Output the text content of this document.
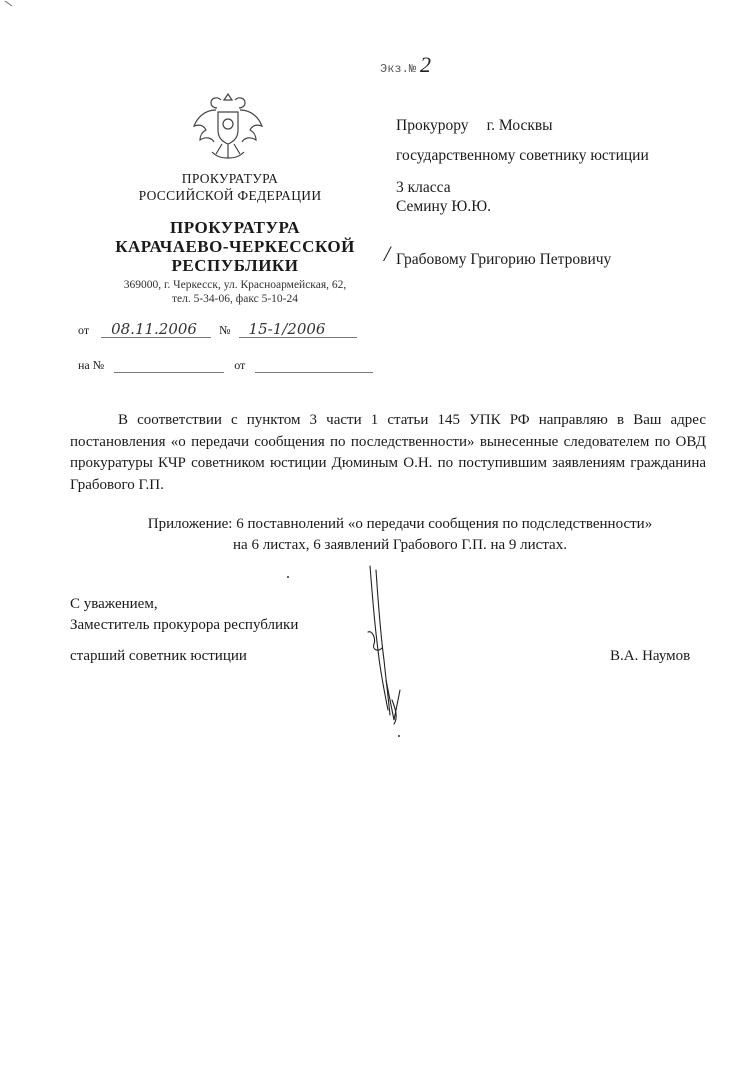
Экз.№ 2
ПРОКУРАТУРА
РОССИЙСКОЙ ФЕДЕРАЦИИ
ПРОКУРАТУРА
КАРАЧАЕВО-ЧЕРКЕССКОЙ
РЕСПУБЛИКИ
369000, г. Черкесск, ул. Красноармейская, 62,
тел. 5-34-06, факс 5-10-24
от	08.11.2006	№	15-1/2006
на №	от
Прокурору г. Москвы
государственному советнику юстиции
3 класса
Семину Ю.Ю.
/ Грабовому Григорию Петровичу
В соответствии с пунктом 3 части 1 статьи 145 УПК РФ направляю в Ваш адрес постановления «о передачи сообщения по последственности» вынесенные следователем по ОВД прокуратуры КЧР советником юстиции Дюминым О.Н. по поступившим заявлениям гражданина Грабового Г.П.
Приложение: 6 поставнолений «о передачи сообщения по подследственности»
на 6 листах, 6 заявлений Грабового Г.П. на 9 листах.
С уважением,
Заместитель прокурора республики
старший советник юстиции	В.А. Наумов
